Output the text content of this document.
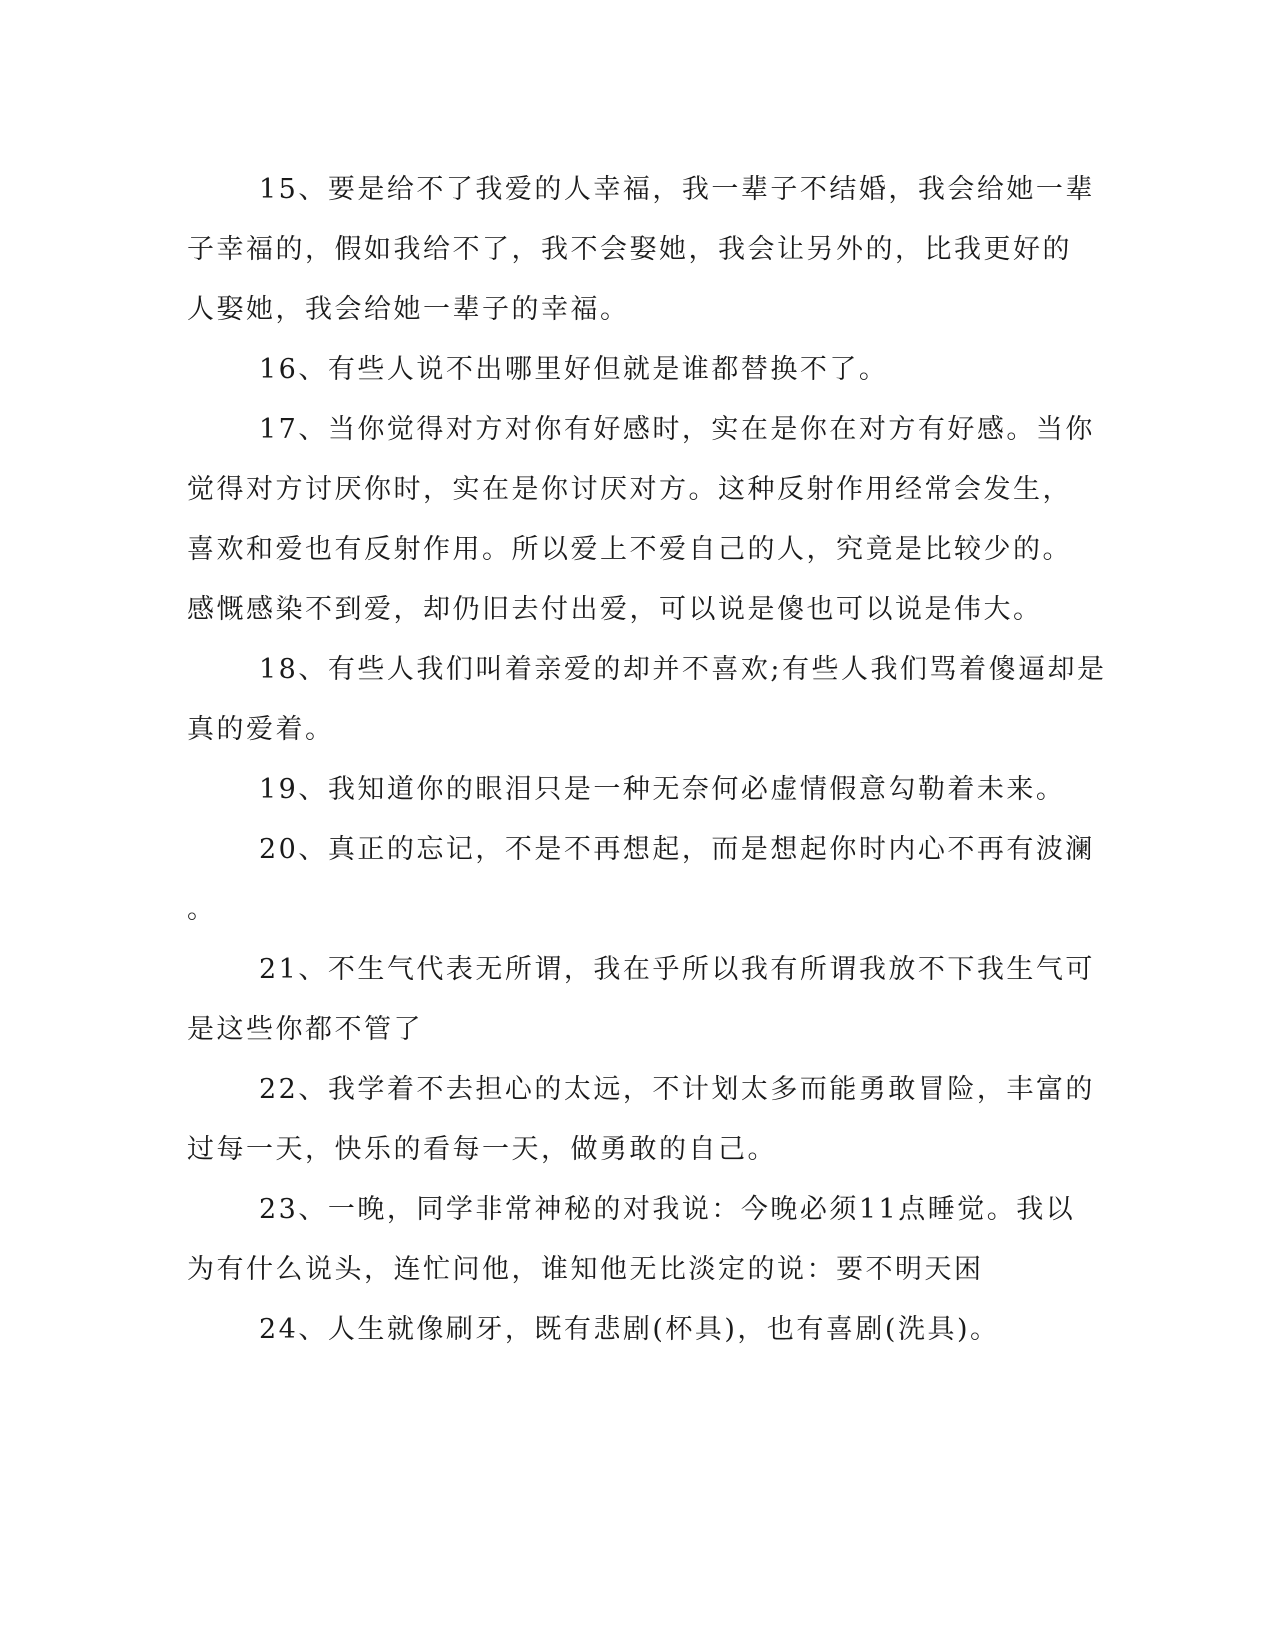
15、要是给不了我爱的人幸福，我一辈子不结婚，我会给她一辈
子幸福的，假如我给不了，我不会娶她，我会让另外的，比我更好的
人娶她，我会给她一辈子的幸福。
16、有些人说不出哪里好但就是谁都替换不了。
17、当你觉得对方对你有好感时，实在是你在对方有好感。当你
觉得对方讨厌你时，实在是你讨厌对方。这种反射作用经常会发生，
喜欢和爱也有反射作用。所以爱上不爱自己的人，究竟是比较少的。
感慨感染不到爱，却仍旧去付出爱，可以说是傻也可以说是伟大。
18、有些人我们叫着亲爱的却并不喜欢;有些人我们骂着傻逼却是
真的爱着。
19、我知道你的眼泪只是一种无奈何必虚情假意勾勒着未来。
20、真正的忘记，不是不再想起，而是想起你时内心不再有波澜
。
21、不生气代表无所谓，我在乎所以我有所谓我放不下我生气可
是这些你都不管了
22、我学着不去担心的太远，不计划太多而能勇敢冒险，丰富的
过每一天，快乐的看每一天，做勇敢的自己。
23、一晚，同学非常神秘的对我说：今晚必须11点睡觉。我以
为有什么说头，连忙问他，谁知他无比淡定的说：要不明天困
24、人生就像刷牙，既有悲剧(杯具)，也有喜剧(洗具)。
